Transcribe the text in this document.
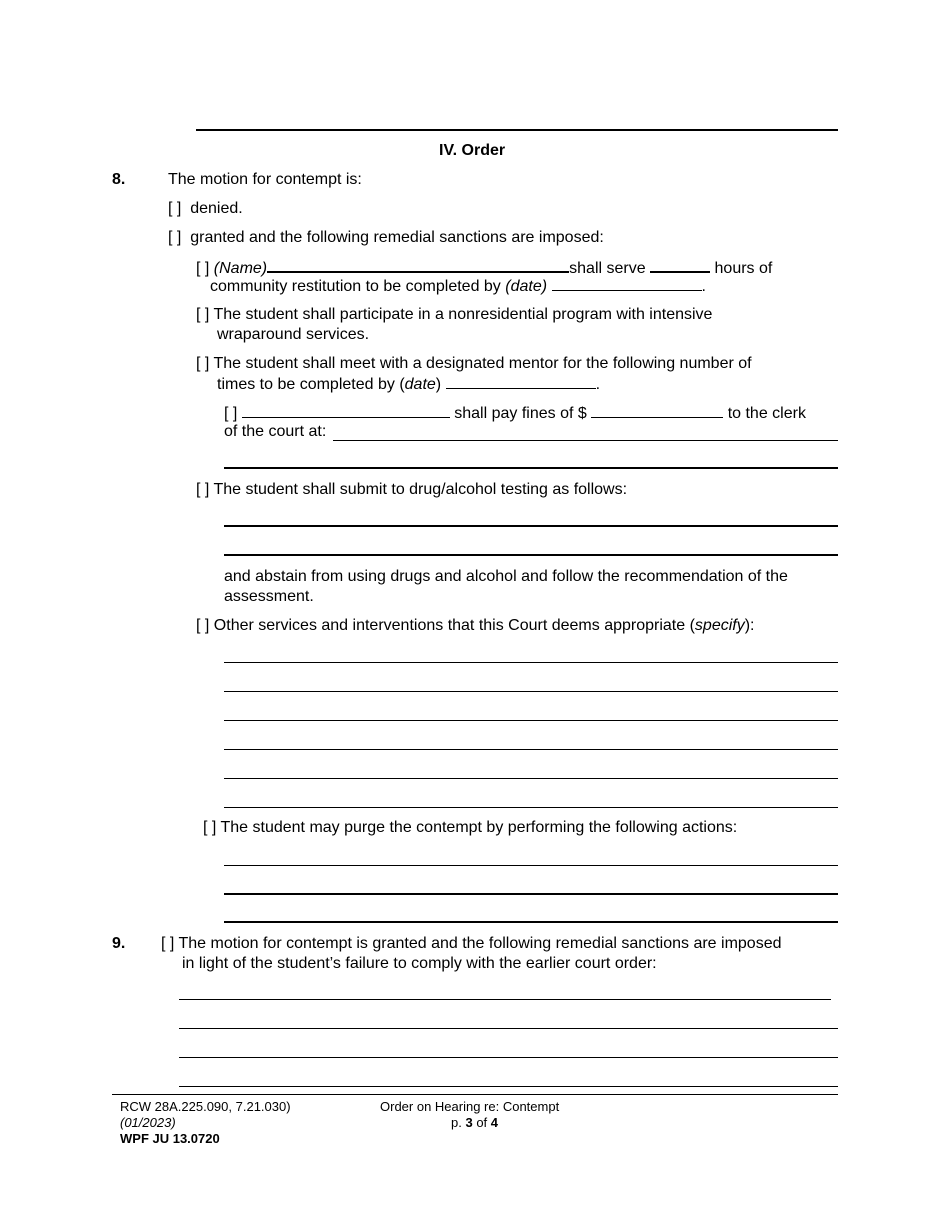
IV. Order
8.	The motion for contempt is:
[ ] denied.
[ ] granted and the following remedial sanctions are imposed:
[ ] (Name)	shall serve	hours of
community restitution to be completed by (date)	.
[ ] The student shall participate in a nonresidential program with intensive
wraparound services.
[ ] The student shall meet with a designated mentor for the following number of
times to be completed by (date)	.
[ ]	shall pay fines of $	to the clerk
of the court at:
[ ] The student shall submit to drug/alcohol testing as follows:
and abstain from using drugs and alcohol and follow the recommendation of the
assessment.
[ ] Other services and interventions that this Court deems appropriate (specify):
[ ] The student may purge the contempt by performing the following actions:
9. [ ] The motion for contempt is granted and the following remedial sanctions are imposed
in light of the student’s failure to comply with the earlier court order:
RCW 28A.225.090, 7.21.030)
(01/2023)
WPF JU 13.0720
Order on Hearing re: Contempt
p. 3 of 4
